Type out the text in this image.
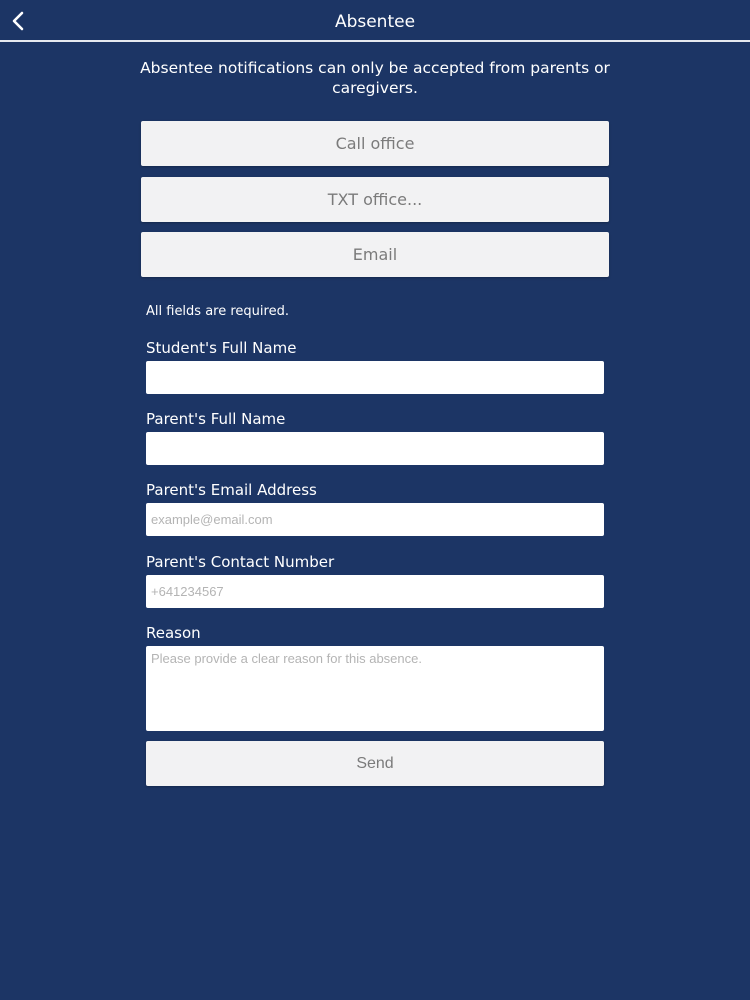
Absentee
Absentee notifications can only be accepted from parents or caregivers.
Call office
TXT office...
Email
All fields are required.
Student's Full Name
Parent's Full Name
Parent's Email Address
example@email.com
Parent's Contact Number
+641234567
Reason
Please provide a clear reason for this absence.
Send
